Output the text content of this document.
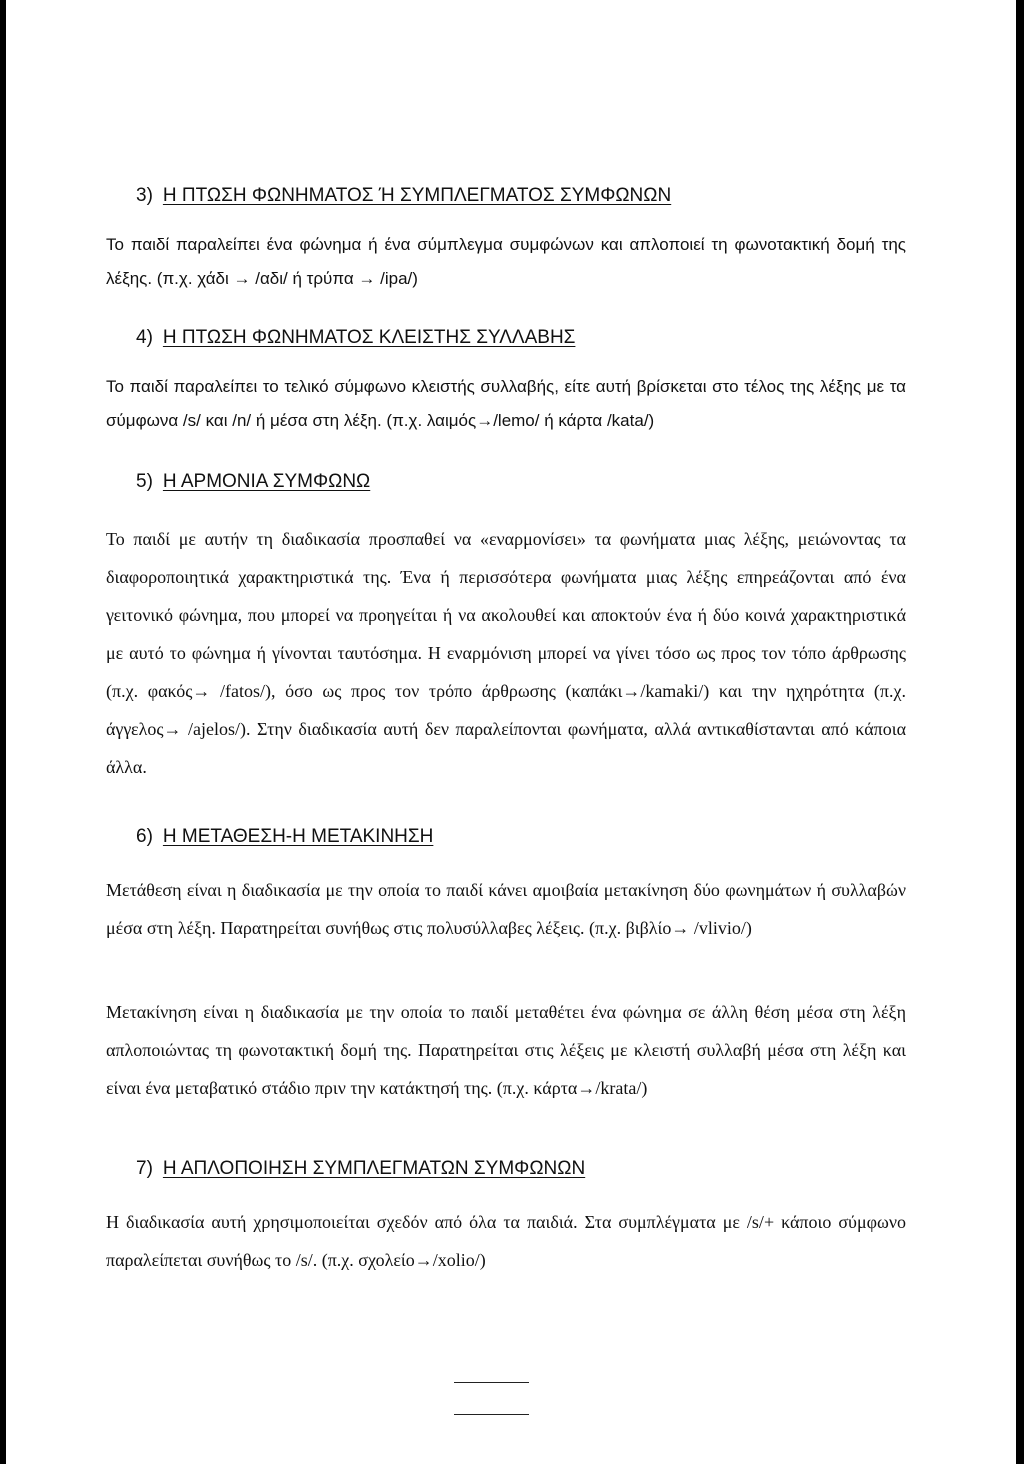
3) Η ΠΤΩΣΗ ΦΩΝΗΜΑΤΟΣ Ή ΣΥΜΠΛΕΓΜΑΤΟΣ ΣΥΜΦΩΝΩΝ

Το παιδί παραλείπει ένα φώνημα ή ένα σύμπλεγμα συμφώνων και απλοποιεί τη φωνοτακτική δομή της λέξης. (π.χ. χάδι → /αδι/ ή τρύπα → /ipa/)

4) Η ΠΤΩΣΗ ΦΩΝΗΜΑΤΟΣ ΚΛΕΙΣΤΗΣ ΣΥΛΛΑΒΗΣ

Το παιδί παραλείπει το τελικό σύμφωνο κλειστής συλλαβής, είτε αυτή βρίσκεται στο τέλος της λέξης με τα σύμφωνα /s/ και /n/ ή μέσα στη λέξη. (π.χ. λαιμός→/lemo/ ή κάρτα /kata/)

5) Η ΑΡΜΟΝΙΑ ΣΥΜΦΩΝΩ

Το παιδί με αυτήν τη διαδικασία προσπαθεί να «εναρμονίσει» τα φωνήματα μιας λέξης, μειώνοντας τα διαφοροποιητικά χαρακτηριστικά της. Ένα ή περισσότερα φωνήματα μιας λέξης επηρεάζονται από ένα γειτονικό φώνημα, που μπορεί να προηγείται ή να ακολουθεί και αποκτούν ένα ή δύο κοινά χαρακτηριστικά με αυτό το φώνημα ή γίνονται ταυτόσημα. Η εναρμόνιση μπορεί να γίνει τόσο ως προς τον τόπο άρθρωσης (π.χ. φακός→ /fatos/), όσο ως προς τον τρόπο άρθρωσης (καπάκι→/kamaki/) και την ηχηρότητα (π.χ. άγγελος→ /ajelos/). Στην διαδικασία αυτή δεν παραλείπονται φωνήματα, αλλά αντικαθίστανται από κάποια άλλα.

6) Η ΜΕΤΑΘΕΣΗ-Η ΜΕΤΑΚΙΝΗΣΗ

Μετάθεση είναι η διαδικασία με την οποία το παιδί κάνει αμοιβαία μετακίνηση δύο φωνημάτων ή συλλαβών μέσα στη λέξη. Παρατηρείται συνήθως στις πολυσύλλαβες λέξεις. (π.χ. βιβλίο→ /vlivio/)

Μετακίνηση είναι η διαδικασία με την οποία το παιδί μεταθέτει ένα φώνημα σε άλλη θέση μέσα στη λέξη απλοποιώντας τη φωνοτακτική δομή της. Παρατηρείται στις λέξεις με κλειστή συλλαβή μέσα στη λέξη και είναι ένα μεταβατικό στάδιο πριν την κατάκτησή της. (π.χ. κάρτα→/krata/)

7) Η ΑΠΛΟΠΟΙΗΣΗ ΣΥΜΠΛΕΓΜΑΤΩΝ ΣΥΜΦΩΝΩΝ

Η διαδικασία αυτή χρησιμοποιείται σχεδόν από όλα τα παιδιά. Στα συμπλέγματα με /s/+ κάποιο σύμφωνο παραλείπεται συνήθως το /s/. (π.χ. σχολείο→/xolio/)
